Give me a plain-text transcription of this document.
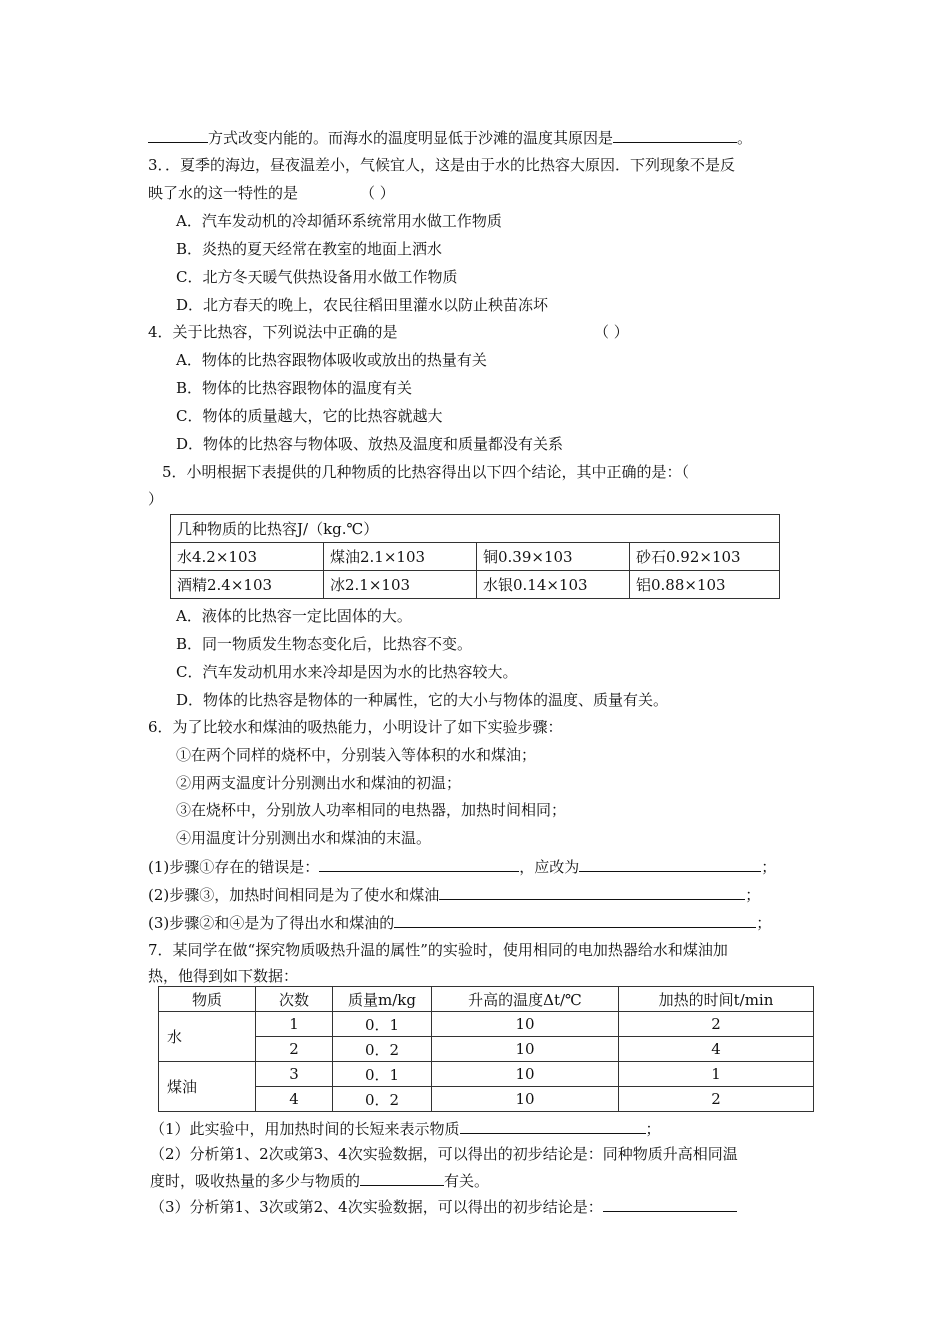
方式改变内能的。而海水的温度明显低于沙滩的温度其原因是	。
3．．夏季的海边，昼夜温差小，气候宜人，这是由于水的比热容大原因．下列现象不是反
映了水的这一特性的是	（ ）
A．汽车发动机的冷却循环系统常用水做工作物质
B．炎热的夏天经常在教室的地面上洒水
C．北方冬天暖气供热设备用水做工作物质
D．北方春天的晚上，农民往稻田里灌水以防止秧苗冻坏
4．关于比热容，下列说法中正确的是	（ ）
A．物体的比热容跟物体吸收或放出的热量有关
B．物体的比热容跟物体的温度有关
C．物体的质量越大，它的比热容就越大
D．物体的比热容与物体吸、放热及温度和质量都没有关系
5．小明根据下表提供的几种物质的比热容得出以下四个结论，其中正确的是：（
）
几种物质的比热容J/（kg.℃）			
水4.2×103	煤油2.1×103	铜0.39×103	砂石0.92×103
酒精2.4×103	冰2.1×103	水银0.14×103	铝0.88×103
A．液体的比热容一定比固体的大。
B．同一物质发生物态变化后，比热容不变。
C．汽车发动机用水来冷却是因为水的比热容较大。
D．物体的比热容是物体的一种属性，它的大小与物体的温度、质量有关。
6．为了比较水和煤油的吸热能力，小明设计了如下实验步骤：
①在两个同样的烧杯中，分别装入等体积的水和煤油；
②用两支温度计分别测出水和煤油的初温；
③在烧杯中，分别放人功率相同的电热器，加热时间相同；
④用温度计分别测出水和煤油的末温。
(1)步骤①存在的错误是：	，应改为	；
(2)步骤③，加热时间相同是为了使水和煤油	；
(3)步骤②和④是为了得出水和煤油的	；
7．某同学在做“探究物质吸热升温的属性”的实验时，使用相同的电加热器给水和煤油加
热，他得到如下数据：
物质	次数	质量m/kg	升高的温度Δt/℃	加热的时间t/min
水	1	0．1	10	2
	2	0．2	10	4
煤油	3	0．1	10	1
	4	0．2	10	2
（1）此实验中，用加热时间的长短来表示物质	；
（2）分析第1、2次或第3、4次实验数据，可以得出的初步结论是：同种物质升高相同温
度时，吸收热量的多少与物质的	有关。
（3）分析第1、3次或第2、4次实验数据，可以得出的初步结论是：
